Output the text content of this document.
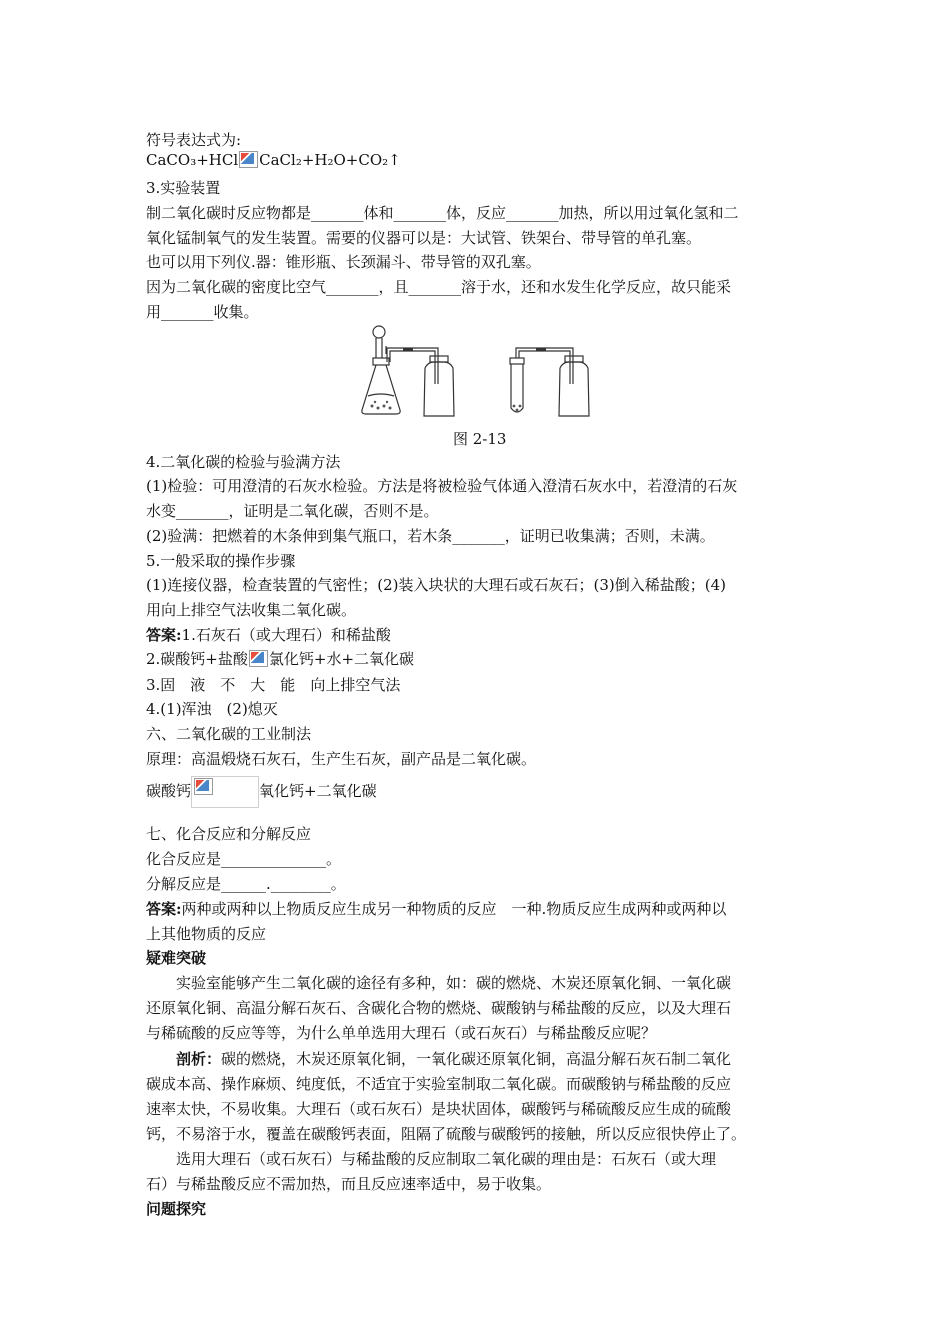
符号表达式为:
CaCO₃+HCl CaCl₂+H₂O+CO₂↑
3.实验装置
制二氧化碳时反应物都是_______体和_______体，反应_______加热，所以用过氧化氢和二
氧化锰制氧气的发生装置。需要的仪器可以是：大试管、铁架台、带导管的单孔塞。
也可以用下列仪.器：锥形瓶、长颈漏斗、带导管的双孔塞。
因为二氧化碳的密度比空气_______，且_______溶于水，还和水发生化学反应，故只能采
用_______收集。
图 2-13
4.二氧化碳的检验与验满方法
(1)检验：可用澄清的石灰水检验。方法是将被检验气体通入澄清石灰水中，若澄清的石灰
水变_______，证明是二氧化碳，否则不是。
(2)验满：把燃着的木条伸到集气瓶口，若木条_______，证明已收集满；否则，未满。
5.一般采取的操作步骤
(1)连接仪器，检查装置的气密性；(2)装入块状的大理石或石灰石；(3)倒入稀盐酸；(4)
用向上排空气法收集二氧化碳。
答案:1.石灰石（或大理石）和稀盐酸
2.碳酸钙+盐酸 氯化钙+水+二氧化碳
3.固　液　不　大　能　向上排空气法
4.(1)浑浊　(2)熄灭
六、二氧化碳的工业制法
原理：高温煅烧石灰石，生产生石灰，副产品是二氧化碳。
碳酸钙	氧化钙+二氧化碳
七、化合反应和分解反应
化合反应是______________。
分解反应是______.________。
答案:两种或两种以上物质反应生成另一种物质的反应　一种.物质反应生成两种或两种以
上其他物质的反应
疑难突破
实验室能够产生二氧化碳的途径有多种，如：碳的燃烧、木炭还原氧化铜、一氧化碳
还原氧化铜、高温分解石灰石、含碳化合物的燃烧、碳酸钠与稀盐酸的反应，以及大理石
与稀硫酸的反应等等，为什么单单选用大理石（或石灰石）与稀盐酸反应呢？
剖析：碳的燃烧，木炭还原氧化铜，一氧化碳还原氧化铜，高温分解石灰石制二氧化
碳成本高、操作麻烦、纯度低，不适宜于实验室制取二氧化碳。而碳酸钠与稀盐酸的反应
速率太快，不易收集。大理石（或石灰石）是块状固体，碳酸钙与稀硫酸反应生成的硫酸
钙，不易溶于水，覆盖在碳酸钙表面，阻隔了硫酸与碳酸钙的接触，所以反应很快停止了。
选用大理石（或石灰石）与稀盐酸的反应制取二氧化碳的理由是：石灰石（或大理
石）与稀盐酸反应不需加热，而且反应速率适中，易于收集。
问题探究
